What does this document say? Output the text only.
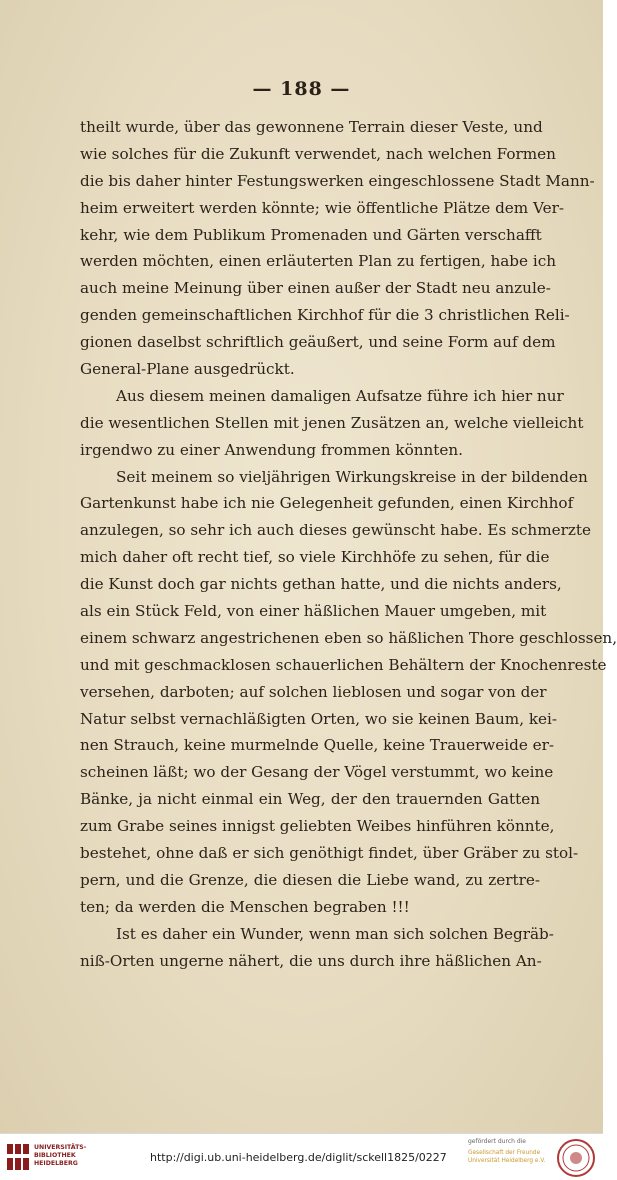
— 188 —
theilt wurde, über das gewonnene Terrain dieser Veste, und
wie solches für die Zukunft verwendet, nach welchen Formen
die bis daher hinter Festungswerken eingeschlossene Stadt Mann-
heim erweitert werden könnte; wie öffentliche Plätze dem Ver-
kehr, wie dem Publikum Promenaden und Gärten verschafft
werden möchten, einen erläuterten Plan zu fertigen, habe ich
auch meine Meinung über einen außer der Stadt neu anzule-
genden gemeinschaftlichen Kirchhof für die 3 christlichen Reli-
gionen daselbst schriftlich geäußert, und seine Form auf dem
General-Plane ausgedrückt.
Aus diesem meinen damaligen Aufsatze führe ich hier nur
die wesentlichen Stellen mit jenen Zusätzen an, welche vielleicht
irgendwo zu einer Anwendung frommen könnten.
Seit meinem so vieljährigen Wirkungskreise in der bildenden
Gartenkunst habe ich nie Gelegenheit gefunden, einen Kirchhof
anzulegen, so sehr ich auch dieses gewünscht habe. Es schmerzte
mich daher oft recht tief, so viele Kirchhöfe zu sehen, für die
die Kunst doch gar nichts gethan hatte, und die nichts anders,
als ein Stück Feld, von einer häßlichen Mauer umgeben, mit
einem schwarz angestrichenen eben so häßlichen Thore geschlossen,
und mit geschmacklosen schauerlichen Behältern der Knochenreste
versehen, darboten; auf solchen lieblosen und sogar von der
Natur selbst vernachläßigten Orten, wo sie keinen Baum, kei-
nen Strauch, keine murmelnde Quelle, keine Trauerweide er-
scheinen läßt; wo der Gesang der Vögel verstummt, wo keine
Bänke, ja nicht einmal ein Weg, der den trauernden Gatten
zum Grabe seines innigst geliebten Weibes hinführen könnte,
bestehet, ohne daß er sich genöthigt findet, über Gräber zu stol-
pern, und die Grenze, die diesen die Liebe wand, zu zertre-
ten; da werden die Menschen begraben !!!
Ist es daher ein Wunder, wenn man sich solchen Begräb-
niß-Orten ungerne nähert, die uns durch ihre häßlichen An-
UNIVERSITÄTS-
BIBLIOTHEK
HEIDELBERG	http://digi.ub.uni-heidelberg.de/diglit/sckell1825/0227
gefördert durch die
Gesellschaft der Freunde
Universität Heidelberg e.V.
